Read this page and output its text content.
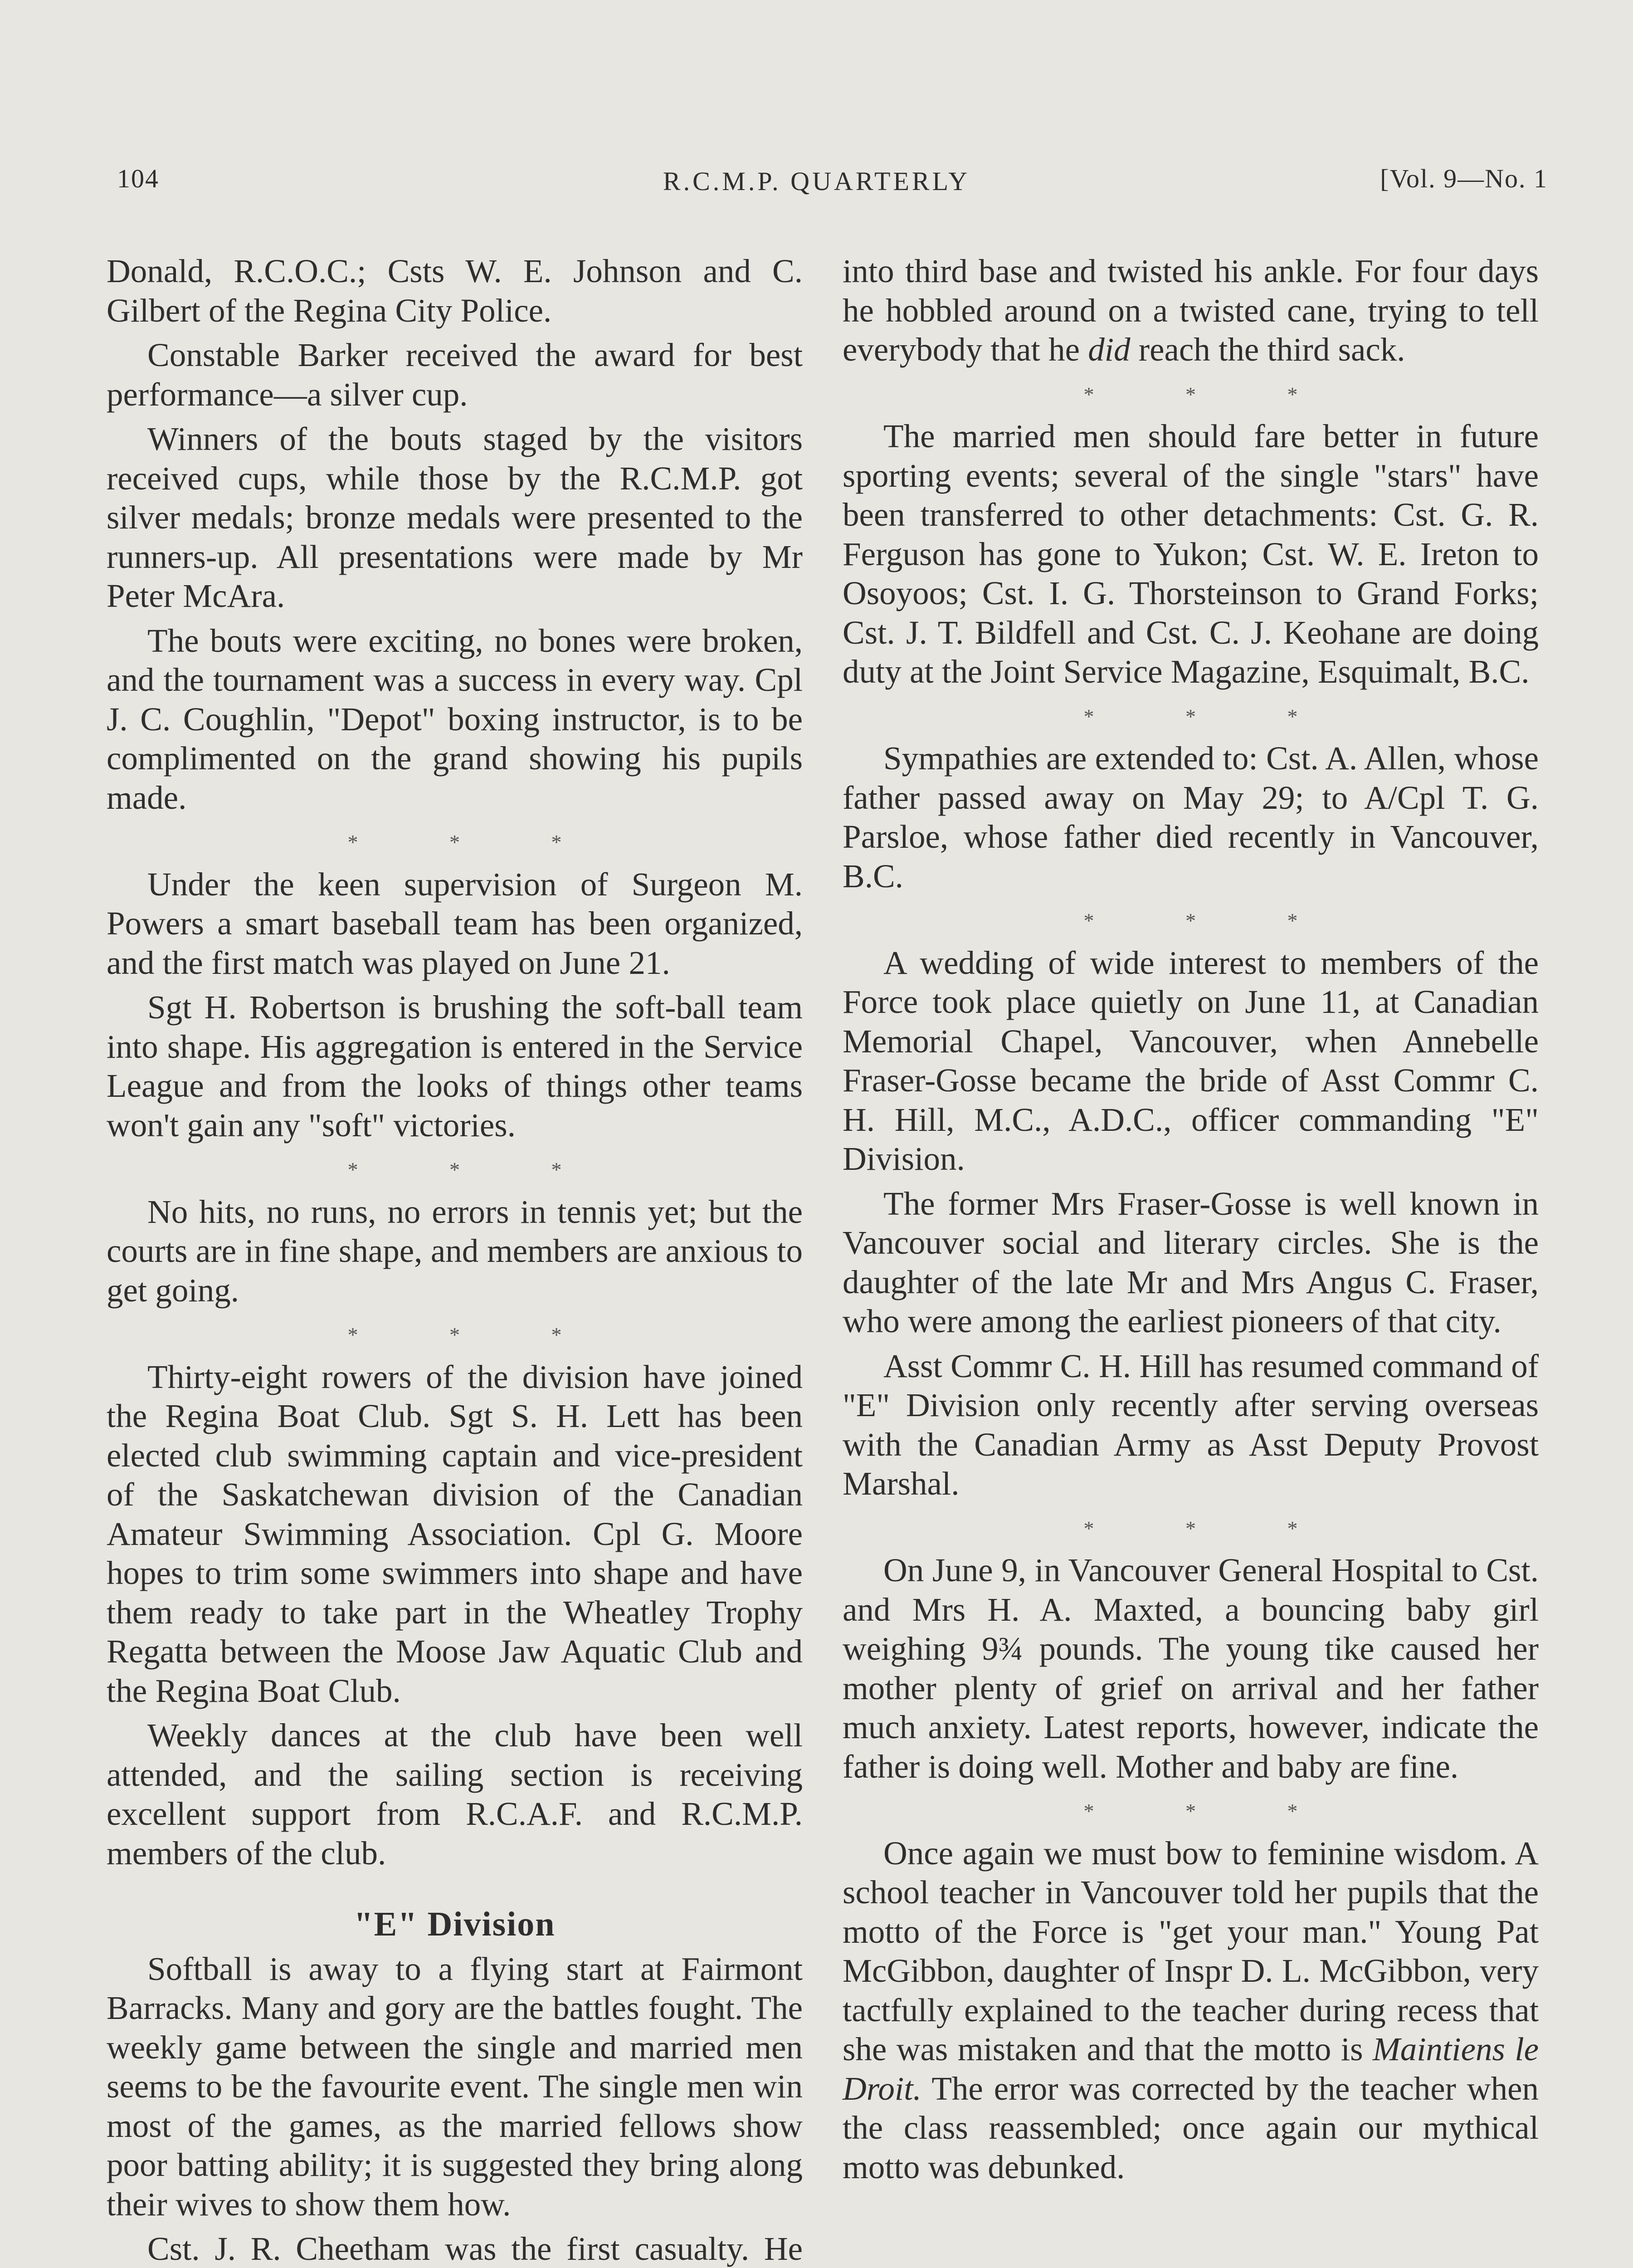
104	R.C.M.P. QUARTERLY	[Vol. 9—No. 1

Donald, R.C.O.C.; Csts W. E. Johnson and C. Gilbert of the Regina City Police.

Constable Barker received the award for best performance—a silver cup.

Winners of the bouts staged by the visitors received cups, while those by the R.C.M.P. got silver medals; bronze medals were presented to the runners-up. All presentations were made by Mr Peter McAra.

The bouts were exciting, no bones were broken, and the tournament was a success in every way. Cpl J. C. Coughlin, "Depot" boxing instructor, is to be complimented on the grand showing his pupils made.

* * *

Under the keen supervision of Surgeon M. Powers a smart baseball team has been organized, and the first match was played on June 21.

Sgt H. Robertson is brushing the soft-ball team into shape. His aggregation is entered in the Service League and from the looks of things other teams won't gain any "soft" victories.

* * *

No hits, no runs, no errors in tennis yet; but the courts are in fine shape, and members are anxious to get going.

* * *

Thirty-eight rowers of the division have joined the Regina Boat Club. Sgt S. H. Lett has been elected club swimming captain and vice-president of the Saskatchewan division of the Canadian Amateur Swimming Association. Cpl G. Moore hopes to trim some swimmers into shape and have them ready to take part in the Wheatley Trophy Regatta between the Moose Jaw Aquatic Club and the Regina Boat Club.

Weekly dances at the club have been well attended, and the sailing section is receiving excellent support from R.C.A.F. and R.C.M.P. members of the club.

"E" Division

Softball is away to a flying start at Fairmont Barracks. Many and gory are the battles fought. The weekly game between the single and married men seems to be the favourite event. The single men win most of the games, as the married fellows show poor batting ability; it is suggested they bring along their wives to show them how.

Cst. J. R. Cheetham was the first casualty. He

into third base and twisted his ankle. For four days he hobbled around on a twisted cane, trying to tell everybody that he did reach the third sack.

* * *

The married men should fare better in future sporting events; several of the single "stars" have been transferred to other detachments: Cst. G. R. Ferguson has gone to Yukon; Cst. W. E. Ireton to Osoyoos; Cst. I. G. Thorsteinson to Grand Forks; Cst. J. T. Bildfell and Cst. C. J. Keohane are doing duty at the Joint Service Magazine, Esquimalt, B.C.

* * *

Sympathies are extended to: Cst. A. Allen, whose father passed away on May 29; to A/Cpl T. G. Parsloe, whose father died recently in Vancouver, B.C.

* * *

A wedding of wide interest to members of the Force took place quietly on June 11, at Canadian Memorial Chapel, Vancouver, when Annebelle Fraser-Gosse became the bride of Asst Commr C. H. Hill, M.C., A.D.C., officer commanding "E" Division.

The former Mrs Fraser-Gosse is well known in Vancouver social and literary circles. She is the daughter of the late Mr and Mrs Angus C. Fraser, who were among the earliest pioneers of that city.

Asst Commr C. H. Hill has resumed command of "E" Division only recently after serving overseas with the Canadian Army as Asst Deputy Provost Marshal.

* * *

On June 9, in Vancouver General Hospital to Cst. and Mrs H. A. Maxted, a bouncing baby girl weighing 9¾ pounds. The young tike caused her mother plenty of grief on arrival and her father much anxiety. Latest reports, however, indicate the father is doing well. Mother and baby are fine.

* * *

Once again we must bow to feminine wisdom. A school teacher in Vancouver told her pupils that the motto of the Force is "get your man." Young Pat McGibbon, daughter of Inspr D. L. McGibbon, very tactfully explained to the teacher during recess that she was mistaken and that the motto is Maintiens le Droit. The error was corrected by the teacher when the class reassembled; once again our mythical motto was debunked.
